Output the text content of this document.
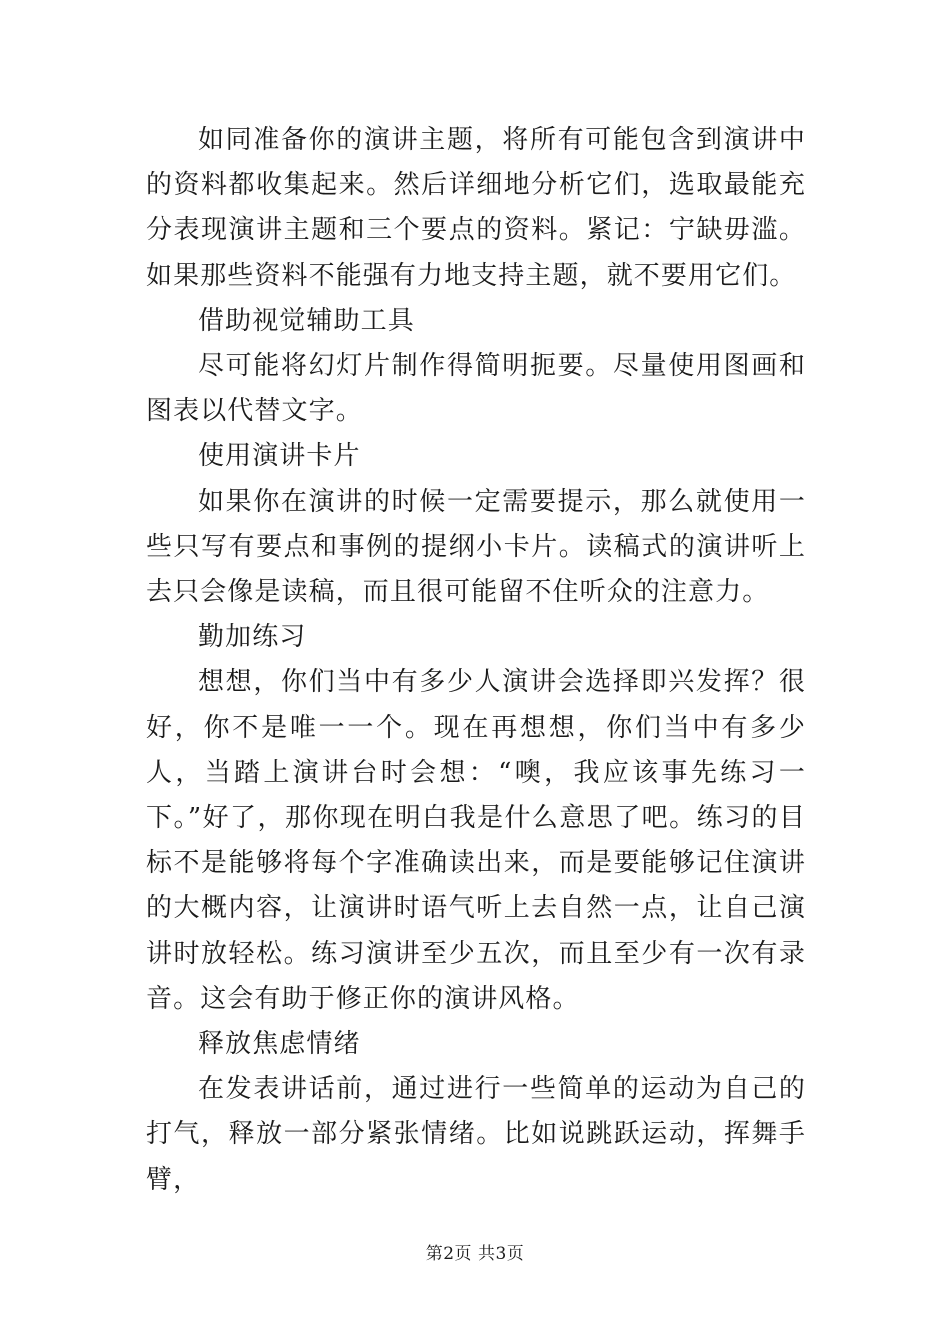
如同准备你的演讲主题，将所有可能包含到演讲中的资料都收集起来。然后详细地分析它们，选取最能充分表现演讲主题和三个要点的资料。紧记：宁缺毋滥。如果那些资料不能强有力地支持主题，就不要用它们。

借助视觉辅助工具

尽可能将幻灯片制作得简明扼要。尽量使用图画和图表以代替文字。

使用演讲卡片

如果你在演讲的时候一定需要提示，那么就使用一些只写有要点和事例的提纲小卡片。读稿式的演讲听上去只会像是读稿，而且很可能留不住听众的注意力。

勤加练习

想想，你们当中有多少人演讲会选择即兴发挥？很好，你不是唯一一个。现在再想想，你们当中有多少人，当踏上演讲台时会想：“噢，我应该事先练习一下。”好了，那你现在明白我是什么意思了吧。练习的目标不是能够将每个字准确读出来，而是要能够记住演讲的大概内容，让演讲时语气听上去自然一点，让自己演讲时放轻松。练习演讲至少五次，而且至少有一次有录音。这会有助于修正你的演讲风格。

释放焦虑情绪

在发表讲话前，通过进行一些简单的运动为自己的打气，释放一部分紧张情绪。比如说跳跃运动，挥舞手臂，

第2页 共3页
